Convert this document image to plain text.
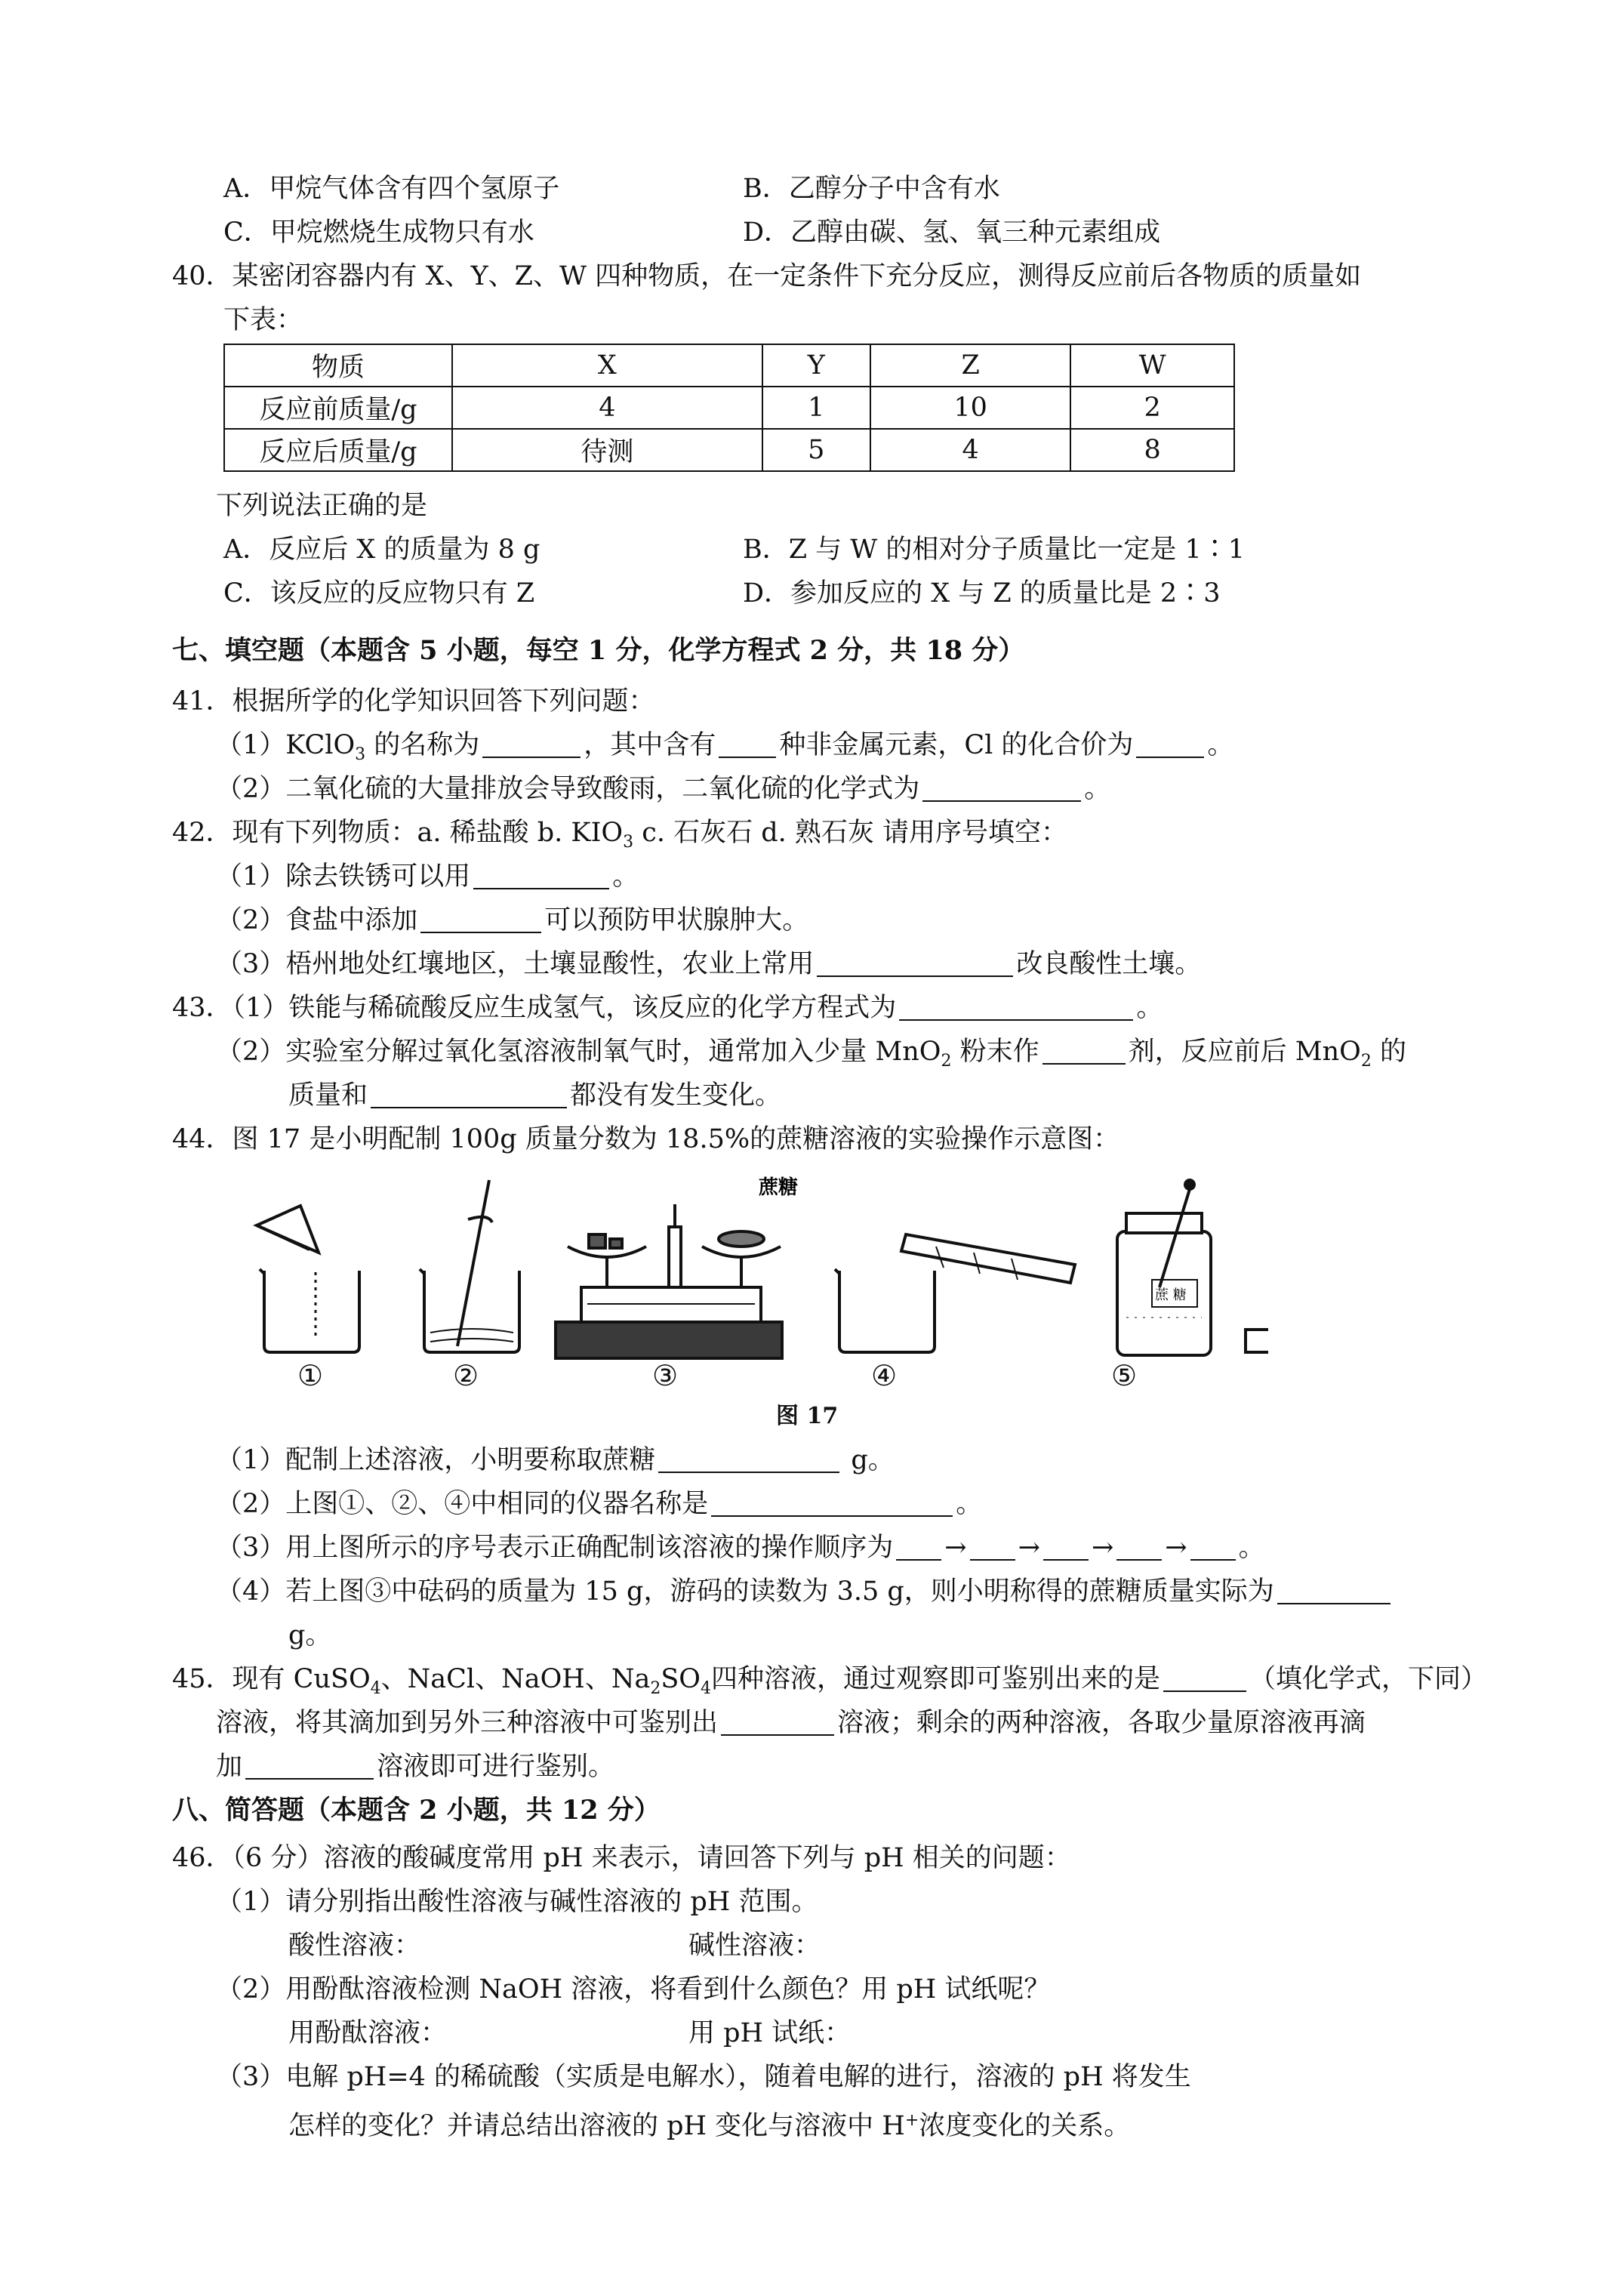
A．甲烷气体含有四个氢原子	B．乙醇分子中含有水
C．甲烷燃烧生成物只有水	D．乙醇由碳、氢、氧三种元素组成
40．某密闭容器内有 X、Y、Z、W 四种物质，在一定条件下充分反应，测得反应前后各物质的质量如
下表：
物质	X	Y	Z	W
反应前质量/g	4	1	10	2
反应后质量/g	待测	5	4	8
下列说法正确的是
A．反应后 X 的质量为 8 g	B．Z 与 W 的相对分子质量比一定是 1∶1
C．该反应的反应物只有 Z	D．参加反应的 X 与 Z 的质量比是 2∶3
七、填空题（本题含 5 小题，每空 1 分，化学方程式 2 分，共 18 分）
41．根据所学的化学知识回答下列问题：
（1）KClO$_3$ 的名称为	，其中含有 种非金属元素，Cl 的化合价为	。
（2）二氧化硫的大量排放会导致酸雨，二氧化硫的化学式为	。
42．现有下列物质：a. 稀盐酸 b. $KIO_3$ c. 石灰石 d. 熟石灰 请用序号填空：
（1）除去铁锈可以用	。
（2）食盐中添加	可以预防甲状腺肿大。
（3）梧州地处红壤地区，土壤显酸性，农业上常用	改良酸性土壤。
43．（1）铁能与稀硫酸反应生成氢气，该反应的化学方程式为	。
（2）实验室分解过氧化氢溶液制氧气时，通常加入少量 MnO$_2$ 粉末作	剂，反应前后 MnO$_2$ 的
质量和	都没有发生变化。
44．图 17 是小明配制 100g 质量分数为 18.5%的蔗糖溶液的实验操作示意图：
蔗糖
蔗 糖
①	②	③	④	⑤
图 17
（1）配制上述溶液，小明要称取蔗糖	g。
（2）上图①、②、④中相同的仪器名称是	。
（3）用上图所示的序号表示正确配制该溶液的操作顺序为 → → → → 。
（4）若上图③中砝码的质量为 15 g，游码的读数为 3.5 g，则小明称得的蔗糖质量实际为
g。
45．现有 CuSO$_4$、NaCl、NaOH、$Na_2SO_4$四种溶液，通过观察即可鉴别出来的是	（填化学式，下同）
溶液，将其滴加到另外三种溶液中可鉴别出	溶液；剩余的两种溶液，各取少量原溶液再滴
加	溶液即可进行鉴别。
八、简答题（本题含 2 小题，共 12 分）
46．（6 分）溶液的酸碱度常用 pH 来表示，请回答下列与 pH 相关的问题：
（1）请分别指出酸性溶液与碱性溶液的 pH 范围。
酸性溶液：	碱性溶液：
（2）用酚酞溶液检测 NaOH 溶液，将看到什么颜色？用 pH 试纸呢？
用酚酞溶液：	用 pH 试纸：
（3）电解 pH=4 的稀硫酸（实质是电解水），随着电解的进行，溶液的 pH 将发生
怎样的变化？并请总结出溶液的 pH 变化与溶液中 H+浓度变化的关系。
